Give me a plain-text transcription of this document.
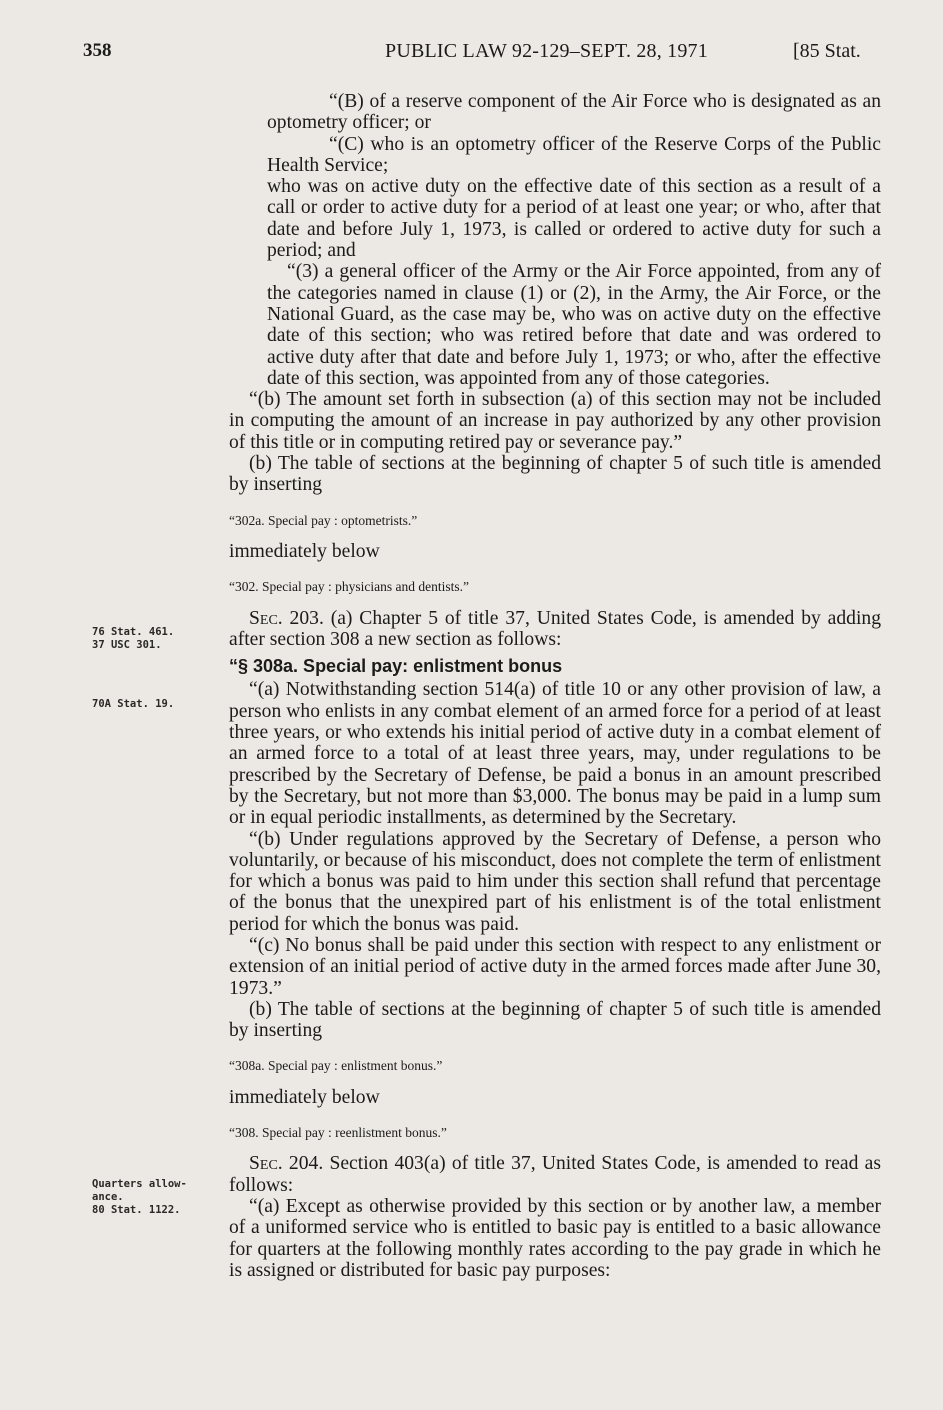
358	PUBLIC LAW 92-129–SEPT. 28, 1971	[85 Stat.
76 Stat. 461.
37 USC 301.
70A Stat. 19.
Quarters allow-
ance.
80 Stat. 1122.

“(B) of a reserve component of the Air Force who is designated as an optometry officer; or

“(C) who is an optometry officer of the Reserve Corps of the Public Health Service;

who was on active duty on the effective date of this section as a result of a call or order to active duty for a period of at least one year; or who, after that date and before July 1, 1973, is called or ordered to active duty for such a period; and

“(3) a general officer of the Army or the Air Force appointed, from any of the categories named in clause (1) or (2), in the Army, the Air Force, or the National Guard, as the case may be, who was on active duty on the effective date of this section; who was retired before that date and was ordered to active duty after that date and before July 1, 1973; or who, after the effective date of this section, was appointed from any of those categories.

“(b) The amount set forth in subsection (a) of this section may not be included in computing the amount of an increase in pay authorized by any other provision of this title or in computing retired pay or severance pay.”

(b) The table of sections at the beginning of chapter 5 of such title is amended by inserting

“302a. Special pay : optometrists.”

immediately below

“302. Special pay : physicians and dentists.”

Sec. 203. (a) Chapter 5 of title 37, United States Code, is amended by adding after section 308 a new section as follows:

“§ 308a. Special pay: enlistment bonus

“(a) Notwithstanding section 514(a) of title 10 or any other provision of law, a person who enlists in any combat element of an armed force for a period of at least three years, or who extends his initial period of active duty in a combat element of an armed force to a total of at least three years, may, under regulations to be prescribed by the Secretary of Defense, be paid a bonus in an amount prescribed by the Secretary, but not more than $3,000. The bonus may be paid in a lump sum or in equal periodic installments, as determined by the Secretary.

“(b) Under regulations approved by the Secretary of Defense, a person who voluntarily, or because of his misconduct, does not complete the term of enlistment for which a bonus was paid to him under this section shall refund that percentage of the bonus that the unexpired part of his enlistment is of the total enlistment period for which the bonus was paid.

“(c) No bonus shall be paid under this section with respect to any enlistment or extension of an initial period of active duty in the armed forces made after June 30, 1973.”

(b) The table of sections at the beginning of chapter 5 of such title is amended by inserting

“308a. Special pay : enlistment bonus.”

immediately below

“308. Special pay : reenlistment bonus.”

Sec. 204. Section 403(a) of title 37, United States Code, is amended to read as follows:

“(a) Except as otherwise provided by this section or by another law, a member of a uniformed service who is entitled to basic pay is entitled to a basic allowance for quarters at the following monthly rates according to the pay grade in which he is assigned or distributed for basic pay purposes:
